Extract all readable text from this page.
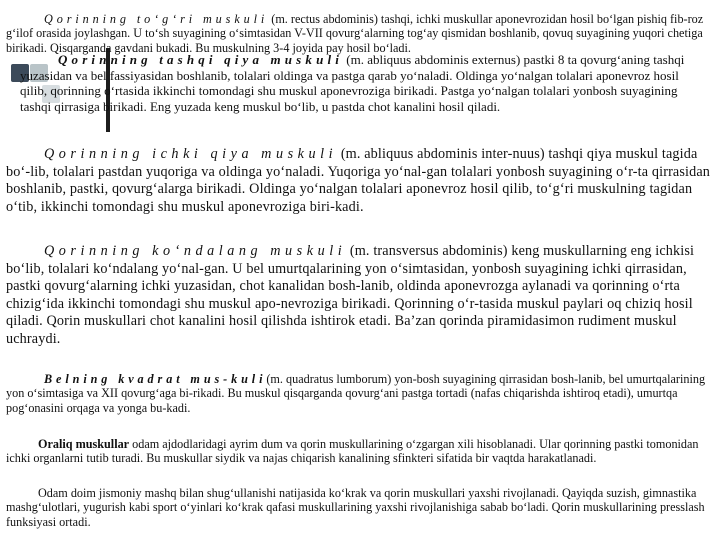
Qorinning to‘g‘ri muskuli (m. rectus abdominis) tashqi, ichki muskullar aponevrozidan hosil bo‘lgan pishiq fib-roz g‘ilof orasida joylashgan. U to‘sh suyagining o‘simtasidan V-VII qovurg‘alarning tog‘ay qismidan boshlanib, qovuq suyagining yuqori chetiga birikadi. Qisqarganda gavdani bukadi. Bu muskulning 3-4 joyida pay hosil bo‘ladi.

Qorinning tashqi qiya muskuli (m. abliquus abdominis externus) pastki 8 ta qovurg‘aning tashqi yuzasidan va bel fassiyasidan boshlanib, tolalari oldinga va pastga qarab yo‘naladi. Oldinga yo‘nalgan tolalari aponevroz hosil qilib, qorinning o‘rtasida ikkinchi tomondagi shu muskul aponevroziga birikadi. Pastga yo‘nalgan tolalari yonbosh suyagining tashqi qirrasiga birikadi. Eng yuzada keng muskul bo‘lib, u pastda chot kanalini hosil qiladi.

Qorinning ichki qiya muskuli (m. abliquus abdominis inter-nuus) tashqi qiya muskul tagida bo‘-lib, tolalari pastdan yuqoriga va oldinga yo‘naladi. Yuqoriga yo‘nal-gan tolalari yonbosh suyagining o‘r-ta qirrasidan boshlanib, pastki, qovurg‘alarga birikadi. Oldinga yo‘nalgan tolalari aponevroz hosil qilib, to‘g‘ri muskulning tagidan o‘tib, ikkinchi tomondagi shu muskul aponevroziga biri-kadi.

Qorinning ko‘ndalang muskuli (m. transversus abdominis) keng muskullarning eng ichkisi bo‘lib, tolalari ko‘ndalang yo‘nal-gan. U bel umurtqalarining yon o‘simtasidan, yonbosh suyagining ichki qirrasidan, pastki qovurg‘alarning ichki yuzasidan, chot kanalidan bosh-lanib, oldinda aponevrozga aylanadi va qorinning o‘rta chizig‘ida ikkinchi tomondagi shu muskul apo-nevroziga birikadi. Qorinning o‘r-tasida muskul paylari oq chiziq hosil qiladi. Qorin muskullari chot kanalini hosil qilishda ishtirok etadi. Ba’zan qorinda piramidasimon rudiment muskul uchraydi.

Belning kvadrat mus-kuli(m. quadratus lumborum) yon-bosh suyagining qirrasidan bosh-lanib, bel umurtqalarining yon o‘simtasiga va XII qovurg‘aga bi-rikadi. Bu muskul qisqarganda qovurg‘ani pastga tortadi (nafas chiqarishda ishtiroq etadi), umurtqa pog‘onasini orqaga va yonga bu-kadi.

Oraliq muskullar odam ajdodlaridagi ayrim dum va qorin muskullarining o‘zgargan xili hisoblanadi. Ular qorinning pastki tomonidan ichki organlarni tutib turadi. Bu muskullar siydik va najas chiqarish kanalining sfinkteri sifatida bir vaqtda harakatlanadi.

Odam doim jismoniy mashq bilan shug‘ullanishi natijasida ko‘krak va qorin muskullari yaxshi rivojlanadi. Qayiqda suzish, gimnastika mashg‘ulotlari, yugurish kabi sport o‘yinlari ko‘krak qafasi muskullarining yaxshi rivojlanishiga sabab bo‘ladi. Qorin muskullarining presslash funksiyasi ortadi.
